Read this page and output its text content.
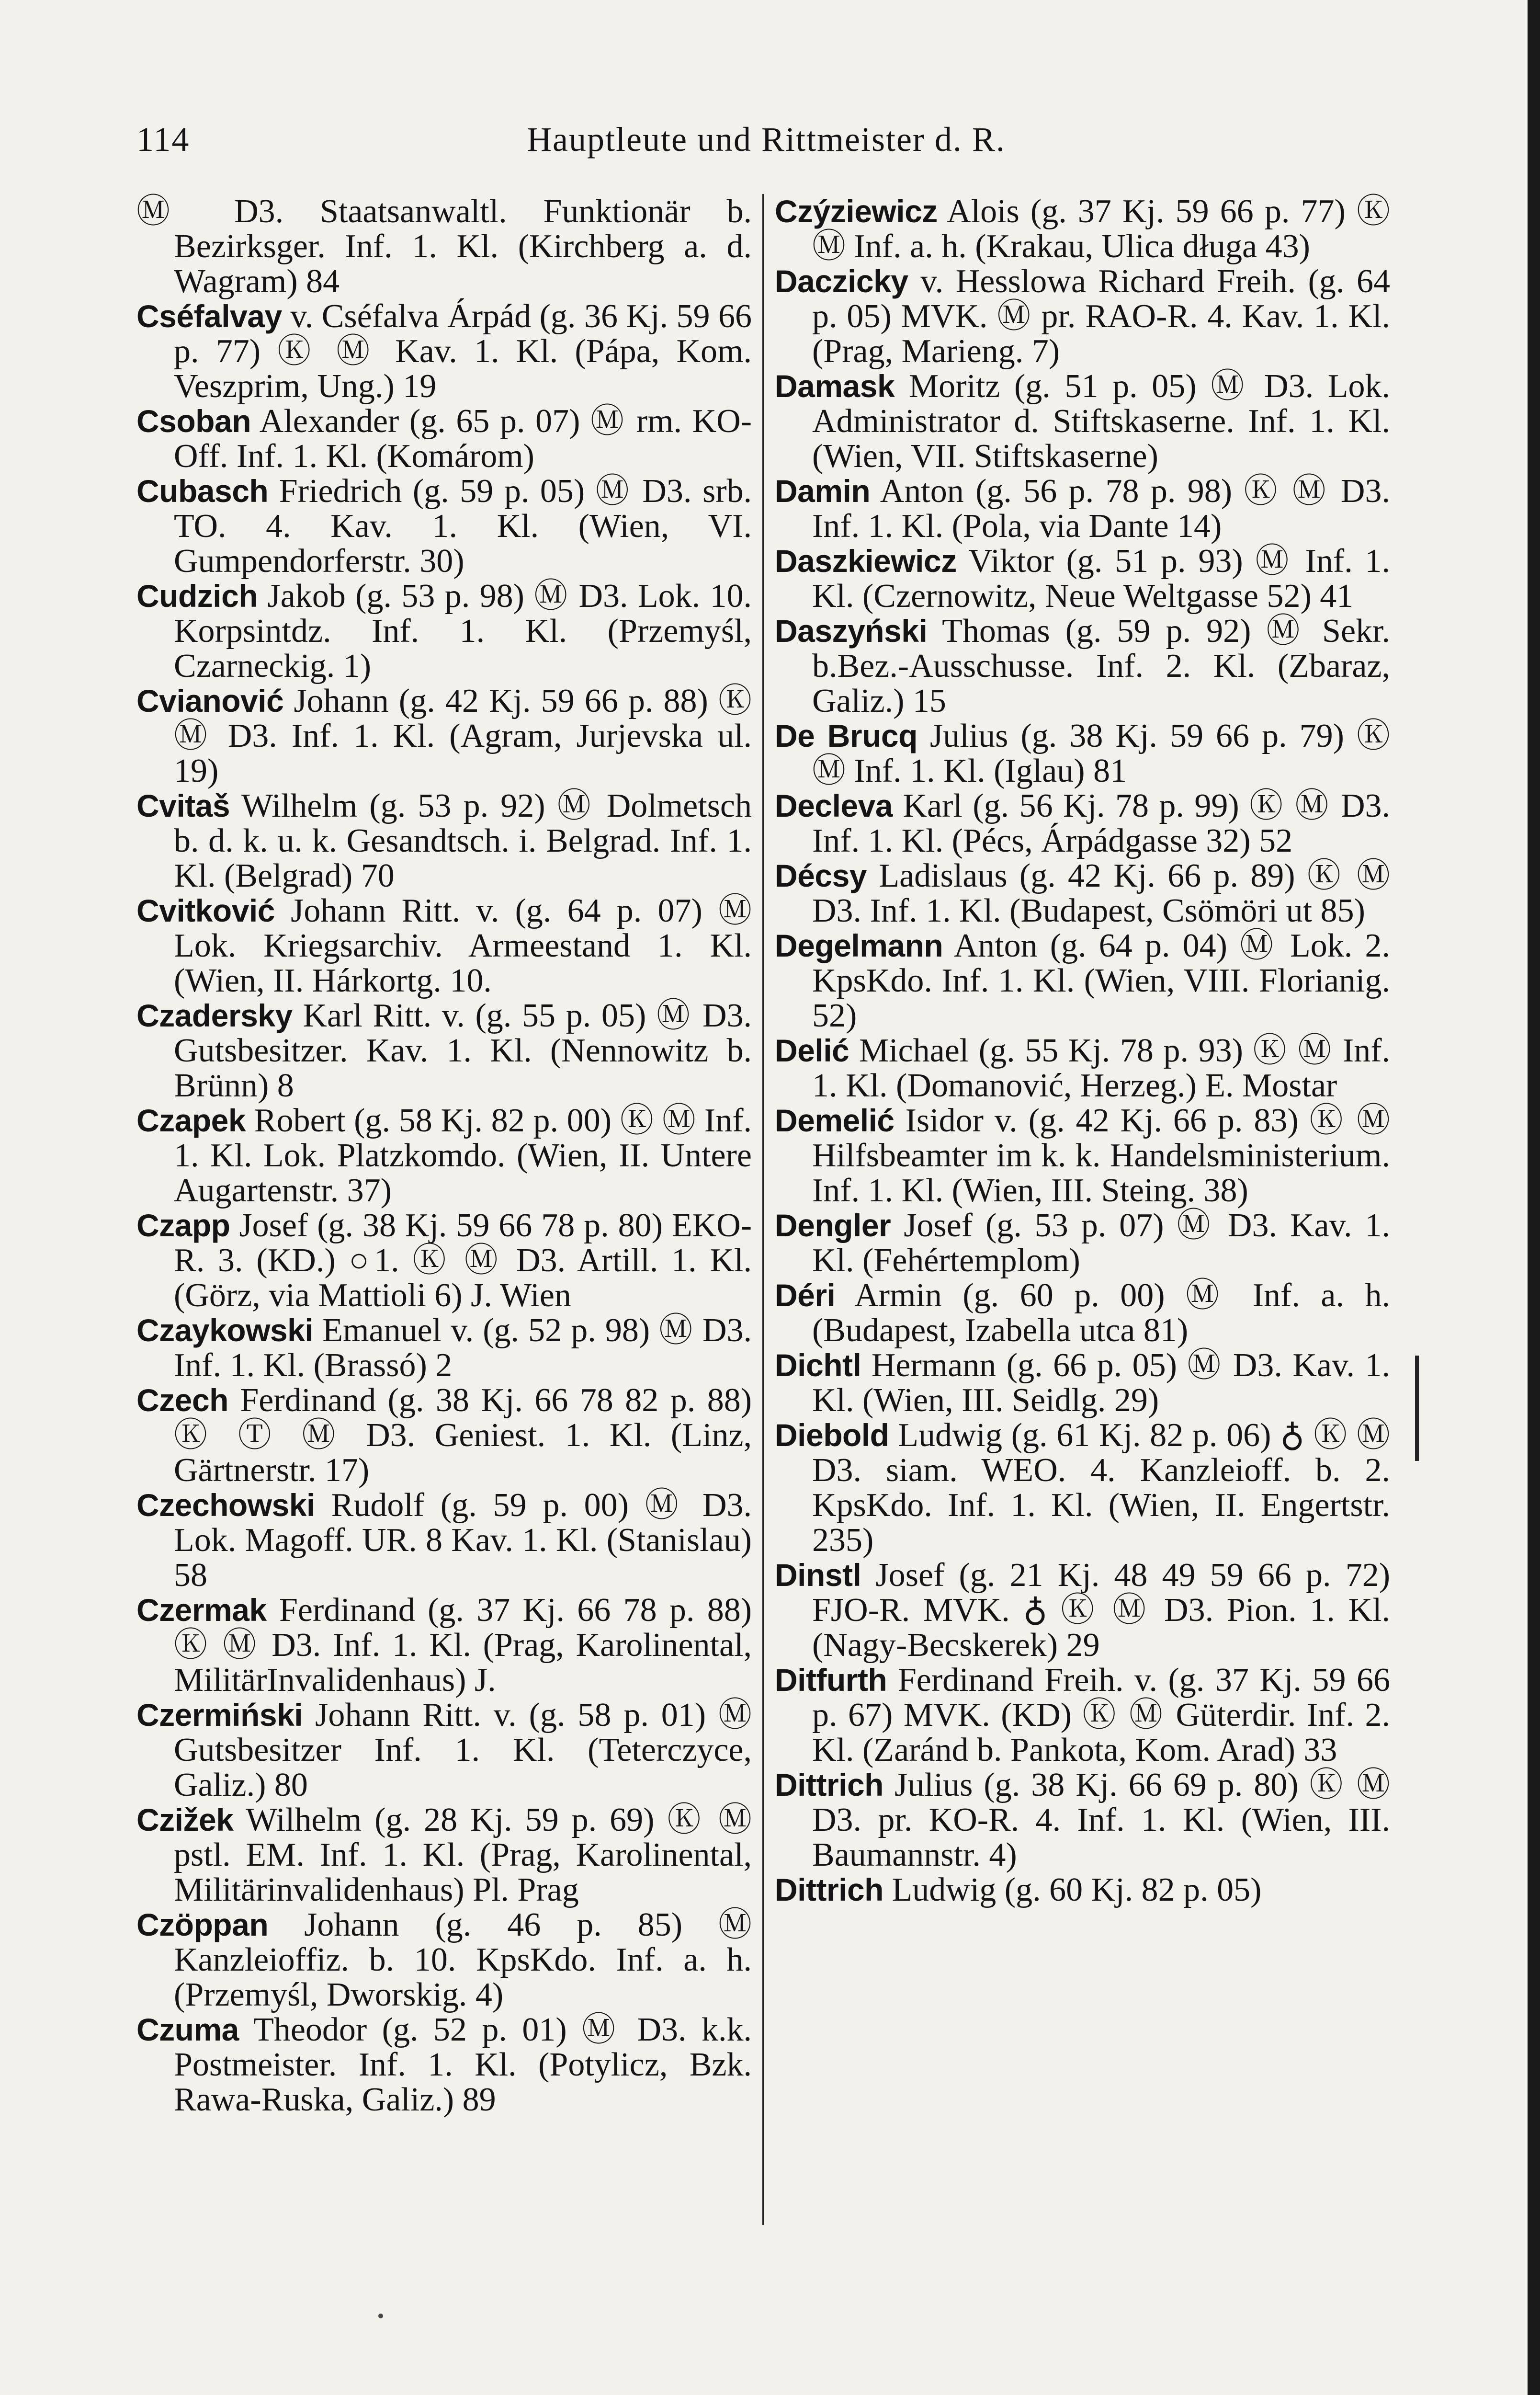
114	Hauptleute und Rittmeister d. R.

Ⓜ D3. Staatsanwaltl. Funktionär b. Bezirksger. Inf. 1. Kl. (Kirchberg a. d. Wagram) 84

Cséfalvay v. Cséfalva Árpád (g. 36 Kj. 59 66 p. 77) Ⓚ Ⓜ Kav. 1. Kl. (Pápa, Kom. Veszprim, Ung.) 19

Csoban Alexander (g. 65 p. 07) Ⓜ rm. KO-Off. Inf. 1. Kl. (Komárom)

Cubasch Friedrich (g. 59 p. 05) Ⓜ D3. srb. TO. 4. Kav. 1. Kl. (Wien, VI. Gumpendorferstr. 30)

Cudzich Jakob (g. 53 p. 98) Ⓜ D3. Lok. 10. Korpsintdz. Inf. 1. Kl. (Przemyśl, Czarneckig. 1)

Cvianović Johann (g. 42 Kj. 59 66 p. 88) Ⓚ Ⓜ D3. Inf. 1. Kl. (Agram, Jurjevska ul. 19)

Cvitaš Wilhelm (g. 53 p. 92) Ⓜ Dolmetsch b. d. k. u. k. Gesandtsch. i. Belgrad. Inf. 1. Kl. (Belgrad) 70

Cvitković Johann Ritt. v. (g. 64 p. 07) Ⓜ Lok. Kriegsarchiv. Armeestand 1. Kl. (Wien, II. Hárkortg. 10.

Czadersky Karl Ritt. v. (g. 55 p. 05) Ⓜ D3. Gutsbesitzer. Kav. 1. Kl. (Nennowitz b. Brünn) 8

Czapek Robert (g. 58 Kj. 82 p. 00) Ⓚ Ⓜ Inf. 1. Kl. Lok. Platzkomdo. (Wien, II. Untere Augartenstr. 37)

Czapp Josef (g. 38 Kj. 59 66 78 p. 80) EKO-R. 3. (KD.) ○1. Ⓚ Ⓜ D3. Artill. 1. Kl. (Görz, via Mattioli 6) J. Wien

Czaykowski Emanuel v. (g. 52 p. 98) Ⓜ D3. Inf. 1. Kl. (Brassó) 2

Czech Ferdinand (g. 38 Kj. 66 78 82 p. 88) Ⓚ Ⓣ Ⓜ D3. Geniest. 1. Kl. (Linz, Gärtnerstr. 17)

Czechowski Rudolf (g. 59 p. 00) Ⓜ D3. Lok. Magoff. UR. 8 Kav. 1. Kl. (Stanislau) 58

Czermak Ferdinand (g. 37 Kj. 66 78 p. 88) Ⓚ Ⓜ D3. Inf. 1. Kl. (Prag, Karolinental, MilitärInvalidenhaus) J.

Czermiński Johann Ritt. v. (g. 58 p. 01) Ⓜ Gutsbesitzer Inf. 1. Kl. (Teterczyce, Galiz.) 80

Czižek Wilhelm (g. 28 Kj. 59 p. 69) Ⓚ Ⓜ pstl. EM. Inf. 1. Kl. (Prag, Karolinental, Militärinvalidenhaus) Pl. Prag

Czöppan Johann (g. 46 p. 85) Ⓜ Kanzleioffiz. b. 10. KpsKdo. Inf. a. h. (Przemyśl, Dworskig. 4)

Czuma Theodor (g. 52 p. 01) Ⓜ D3. k.k. Postmeister. Inf. 1. Kl. (Potylicz, Bzk. Rawa-Ruska, Galiz.) 89

Czýziewicz Alois (g. 37 Kj. 59 66 p. 77) Ⓚ Ⓜ Inf. a. h. (Krakau, Ulica długa 43)

Daczicky v. Hesslowa Richard Freih. (g. 64 p. 05) MVK. Ⓜ pr. RAO-R. 4. Kav. 1. Kl. (Prag, Marieng. 7)

Damask Moritz (g. 51 p. 05) Ⓜ D3. Lok. Administrator d. Stiftskaserne. Inf. 1. Kl. (Wien, VII. Stiftskaserne)

Damin Anton (g. 56 p. 78 p. 98) Ⓚ Ⓜ D3. Inf. 1. Kl. (Pola, via Dante 14)

Daszkiewicz Viktor (g. 51 p. 93) Ⓜ Inf. 1. Kl. (Czernowitz, Neue Weltgasse 52) 41

Daszyński Thomas (g. 59 p. 92) Ⓜ Sekr. b.Bez.-Ausschusse. Inf. 2. Kl. (Zbaraz, Galiz.) 15

De Brucq Julius (g. 38 Kj. 59 66 p. 79) Ⓚ Ⓜ Inf. 1. Kl. (Iglau) 81

Decleva Karl (g. 56 Kj. 78 p. 99) Ⓚ Ⓜ D3. Inf. 1. Kl. (Pécs, Árpádgasse 32) 52

Décsy Ladislaus (g. 42 Kj. 66 p. 89) Ⓚ Ⓜ D3. Inf. 1. Kl. (Budapest, Csömöri ut 85)

Degelmann Anton (g. 64 p. 04) Ⓜ Lok. 2. KpsKdo. Inf. 1. Kl. (Wien, VIII. Florianig. 52)

Delić Michael (g. 55 Kj. 78 p. 93) Ⓚ Ⓜ Inf. 1. Kl. (Domanović, Herzeg.) E. Mostar

Demelić Isidor v. (g. 42 Kj. 66 p. 83) Ⓚ Ⓜ Hilfsbeamter im k. k. Handelsministerium. Inf. 1. Kl. (Wien, III. Steing. 38)

Dengler Josef (g. 53 p. 07) Ⓜ D3. Kav. 1. Kl. (Fehértemplom)

Déri Armin (g. 60 p. 00) Ⓜ Inf. a. h. (Budapest, Izabella utca 81)

Dichtl Hermann (g. 66 p. 05) Ⓜ D3. Kav. 1. Kl. (Wien, III. Seidlg. 29)

Diebold Ludwig (g. 61 Kj. 82 p. 06) ♁ Ⓚ Ⓜ D3. siam. WEO. 4. Kanzleioff. b. 2. KpsKdo. Inf. 1. Kl. (Wien, II. Engertstr. 235)

Dinstl Josef (g. 21 Kj. 48 49 59 66 p. 72) FJO-R. MVK. ♁ Ⓚ Ⓜ D3. Pion. 1. Kl. (Nagy-Becskerek) 29

Ditfurth Ferdinand Freih. v. (g. 37 Kj. 59 66 p. 67) MVK. (KD) Ⓚ Ⓜ Güterdir. Inf. 2. Kl. (Zaránd b. Pankota, Kom. Arad) 33

Dittrich Julius (g. 38 Kj. 66 69 p. 80) Ⓚ Ⓜ D3. pr. KO-R. 4. Inf. 1. Kl. (Wien, III. Baumannstr. 4)

Dittrich Ludwig (g. 60 Kj. 82 p. 05)
